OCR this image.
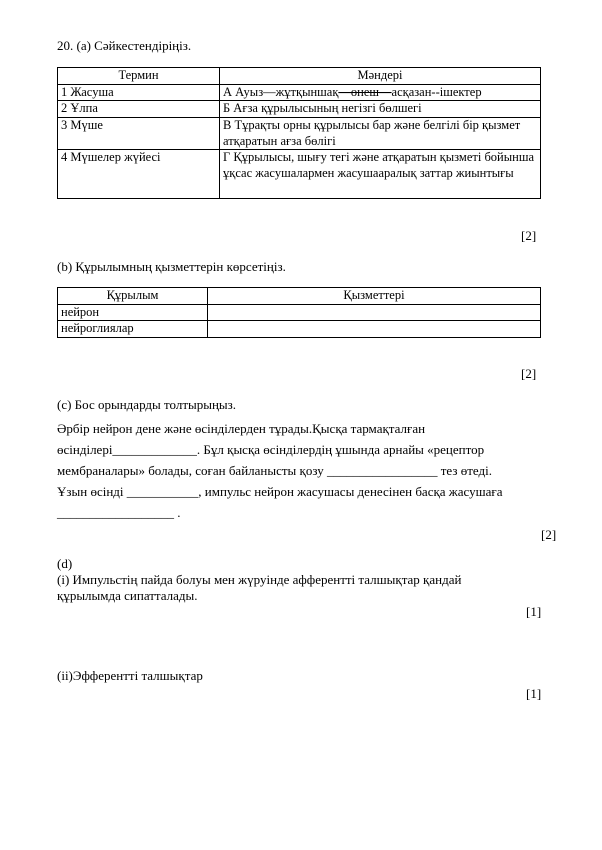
20. (a) Сәйкестендіріңіз.
Термин	Мәндері
1 Жасуша	А Ауыз—жұтқыншақ—өнеш—асқазан--ішектер
2 Ұлпа	Б Ағза құрылысының негізгі бөлшегі
3 Мүше	В Тұрақты орны құрылысы бар және белгілі бір қызмет атқаратын ағза бөлігі
4 Мүшелер жүйесі	Г Құрылысы, шығу тегі және атқаратын қызметі бойынша ұқсас жасушалармен жасушааралық заттар жиынтығы
[2]
(b) Құрылымның қызметтерін көрсетіңіз.
Құрылым	Қызметтері
нейрон	
нейроглиялар	
[2]
(c) Бос орындарды толтырыңыз.
Әрбір нейрон дене және өсінділерден тұрады.Қысқа тармақталған
өсінділері_____________. Бұл қысқа өсінділердің ұшында арнайы «рецептор
мембраналары» болады, соған байланысты қозу _________________ тез өтеді.
Ұзын өсінді ___________, импульс нейрон жасушасы денесінен басқа жасушаға
__________________ .
[2]
(d)
(i) Импульстің пайда болуы мен жүруінде афферентті талшықтар қандай құрылымда сипатталады.
[1]
(ii)Эфферентті талшықтар
[1]
